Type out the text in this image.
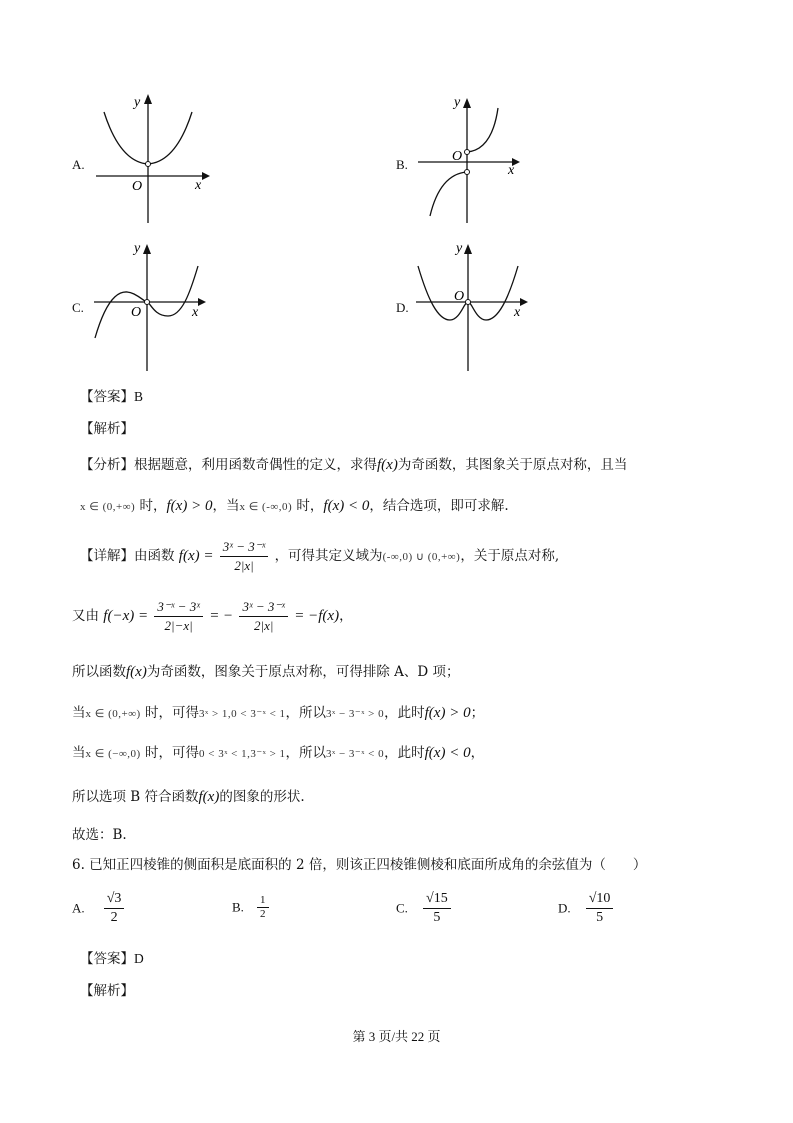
A.
y
x
O
B.
y
x
O
C.
y
x
O	D.
y
x
O
【答案】B
【解析】
【分析】根据题意，利用函数奇偶性的定义，求得f(x)为奇函数，其图象关于原点对称，且当
x ∈ (0,+∞) 时，f(x) > 0，当x ∈ (-∞,0) 时，f(x) < 0，结合选项，即可求解.
【详解】由函数 $f(x) = \frac{\text{3ˣ − 3⁻ˣ}}{2|x|}$ ，可得其定义域为(-∞,0) ∪ (0,+∞)，关于原点对称,
又由 $f(-x) = \frac{\text{3⁻ˣ − 3ˣ}}{2|-x|}$ = − $\frac{\text{3ˣ − 3⁻ˣ}}{2|x|} = -f(x)$，
所以函数f(x)为奇函数，图象关于原点对称，可得排除 A、D 项；
当x ∈ (0,+∞) 时，可得3ˣ > 1,0 < 3⁻ˣ < 1，所以3ˣ − 3⁻ˣ > 0，此时f(x) > 0；
当x ∈ (−∞,0) 时，可得0 < 3ˣ < 1,3⁻ˣ > 1，所以3ˣ − 3⁻ˣ < 0，此时f(x) < 0，
所以选项 B 符合函数f(x)的图象的形状.
故选：B.
6. 已知正四棱锥的侧面积是底面积的 2 倍，则该正四棱锥侧棱和底面所成角的余弦值为（　　）
A. $\frac{√3}{2}$	B. $\frac{1}{2}$	C. $\frac{√15}{5}$	D. $\frac{√10}{5}$
【答案】D
【解析】
第 3 页/共 22 页
